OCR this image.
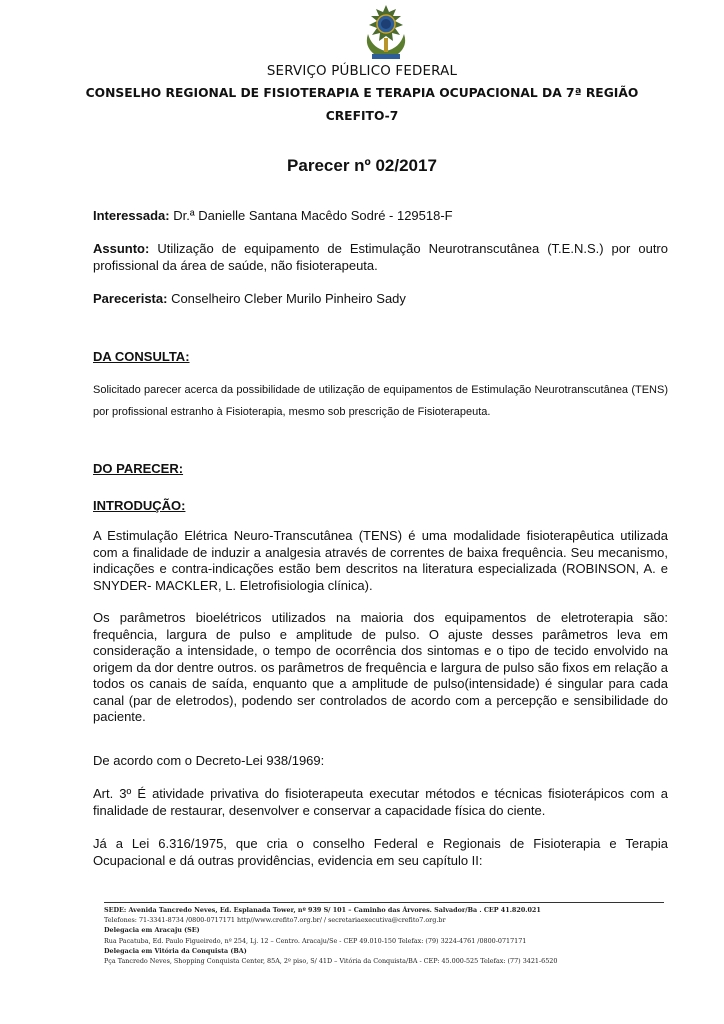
SERVIÇO PÚBLICO FEDERAL
CONSELHO REGIONAL DE FISIOTERAPIA E TERAPIA OCUPACIONAL DA 7ª REGIÃO
CREFITO-7
Parecer nº 02/2017
Interessada: Dr.ª Danielle Santana Macêdo Sodré - 129518-F
Assunto: Utilização de equipamento de Estimulação Neurotranscutânea (T.E.N.S.) por outro profissional da área de saúde, não fisioterapeuta.
Parecerista: Conselheiro Cleber Murilo Pinheiro Sady
DA CONSULTA:

Solicitado parecer acerca da possibilidade de utilização de equipamentos de Estimulação Neurotranscutânea (TENS) por profissional estranho à Fisioterapia, mesmo sob prescrição de Fisioterapeuta.

DO PARECER:
INTRODUÇÃO:

A Estimulação Elétrica Neuro-Transcutânea (TENS) é uma modalidade fisioterapêutica utilizada com a finalidade de induzir a analgesia através de correntes de baixa frequência. Seu mecanismo, indicações e contra-indicações estão bem descritos na literatura especializada (ROBINSON, A. e SNYDER- MACKLER, L. Eletrofisiologia clínica).

Os parâmetros bioelétricos utilizados na maioria dos equipamentos de eletroterapia são: frequência, largura de pulso e amplitude de pulso. O ajuste desses parâmetros leva em consideração a intensidade, o tempo de ocorrência dos sintomas e o tipo de tecido envolvido na origem da dor dentre outros. os parâmetros de frequência e largura de pulso são fixos em relação a todos os canais de saída, enquanto que a amplitude de pulso(intensidade) é singular para cada canal (par de eletrodos), podendo ser controlados de acordo com a percepção e sensibilidade do paciente.

De acordo com o Decreto-Lei 938/1969:

Art. 3º É atividade privativa do fisioterapeuta executar métodos e técnicas fisioterápicos com a finalidade de restaurar, desenvolver e conservar a capacidade física do ciente.

Já a Lei 6.316/1975, que cria o conselho Federal e Regionais de Fisioterapia e Terapia Ocupacional e dá outras providências, evidencia em seu capítulo II:

SEDE: Avenida Tancredo Neves, Ed. Esplanada Tower, nº 939 S/ 101 – Caminho das Árvores. Salvador/Ba . CEP 41.820.021
Telefones: 71-3341-8734 /0800-0717171 http//www.crefito7.org.br/ / secretariaexecutiva@crefito7.org.br
Delegacia em Aracaju (SE)
Rua Pacatuba, Ed. Paulo Figueiredo, nº 254, Lj. 12 – Centro. Aracaju/Se - CEP 49.010-150 Telefax: (79) 3224-4761 /0800-0717171
Delegacia em Vitória da Conquista (BA)
Pça Tancredo Neves, Shopping Conquista Center, 85A, 2º piso, S/ 41D – Vitória da Conquista/BA - CEP: 45.000-525 Telefax: (77) 3421-6520
